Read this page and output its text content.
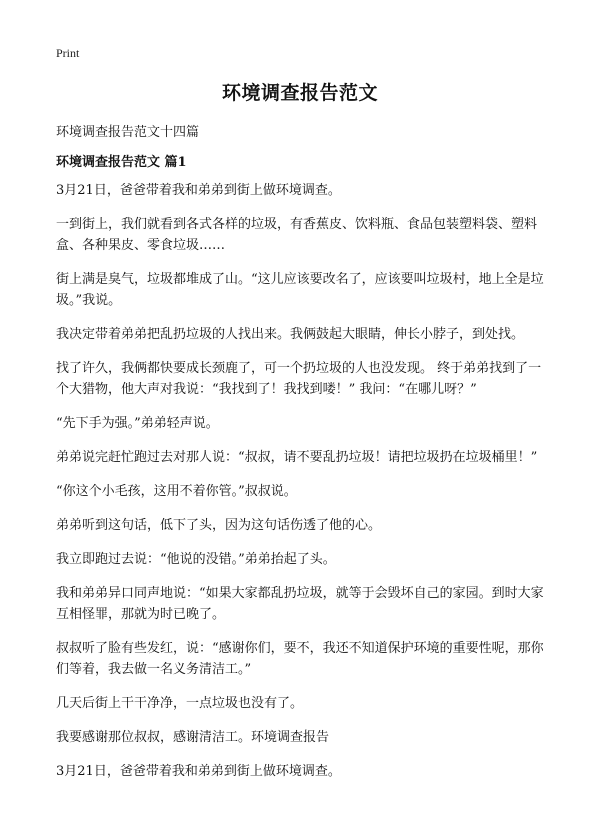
Print
环境调查报告范文
环境调查报告范文十四篇
环境调查报告范文 篇1

3月21日，爸爸带着我和弟弟到街上做环境调查。

一到街上，我们就看到各式各样的垃圾，有香蕉皮、饮料瓶、食品包装塑料袋、塑料盒、各种果皮、零食垃圾……

街上满是臭气，垃圾都堆成了山。“这儿应该要改名了，应该要叫垃圾村，地上全是垃圾。”我说。

我决定带着弟弟把乱扔垃圾的人找出来。我俩鼓起大眼睛，伸长小脖子，到处找。

找了许久，我俩都快要成长颈鹿了，可一个扔垃圾的人也没发现。 终于弟弟找到了一个大猎物，他大声对我说：“我找到了！我找到喽！” 我问：“在哪儿呀？”

“先下手为强。”弟弟轻声说。

弟弟说完赶忙跑过去对那人说：“叔叔，请不要乱扔垃圾！请把垃圾扔在垃圾桶里！”

“你这个小毛孩，这用不着你管。”叔叔说。

弟弟听到这句话，低下了头，因为这句话伤透了他的心。

我立即跑过去说：“他说的没错。”弟弟抬起了头。

我和弟弟异口同声地说：“如果大家都乱扔垃圾，就等于会毁坏自己的家园。到时大家互相怪罪，那就为时已晚了。

叔叔听了脸有些发红，说：“感谢你们，要不，我还不知道保护环境的重要性呢，那你们等着，我去做一名义务清洁工。”

几天后街上干干净净，一点垃圾也没有了。

我要感谢那位叔叔，感谢清洁工。环境调查报告

3月21日，爸爸带着我和弟弟到街上做环境调查。
